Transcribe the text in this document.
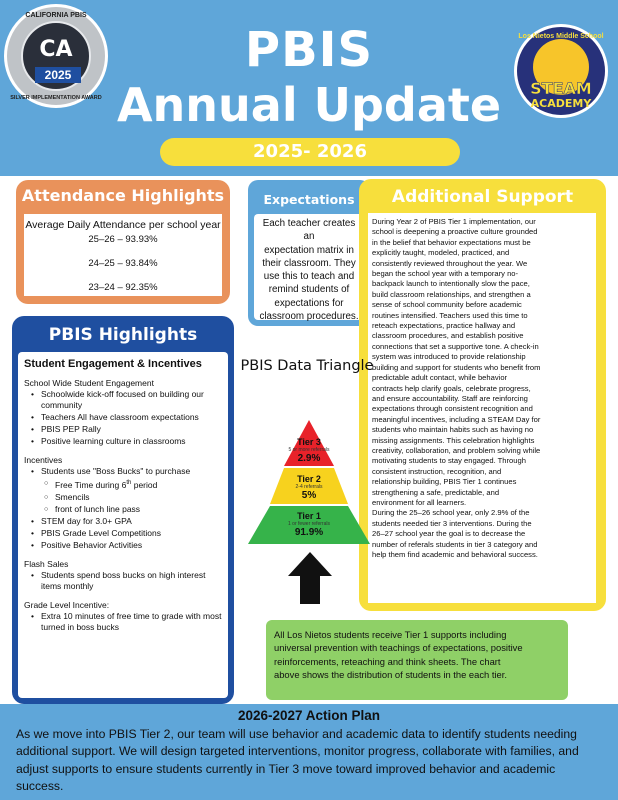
CALIFORNIA PBIS
CA
2025
SILVER IMPLEMENTATION AWARD
PBIS
Annual Update
2025- 2026
Los Nietos Middle School
STEAM
ACADEMY
Attendance Highlights

Average Daily Attendance per school year

25–26 – 93.93%

24–25 – 93.84%

23–24 – 92.35%

Expectations

Each teacher creates an

expectation matrix in

their classroom. They

use this to teach and

remind students of

expectations for

classroom procedures.

Additional Support

During Year 2 of PBIS Tier 1 implementation, our

school is deepening a proactive culture grounded

in the belief that behavior expectations must be

explicitly taught, modeled, practiced, and

consistently reviewed throughout the year. We

began the school year with a temporary no-

backpack launch to intentionally slow the pace,

build classroom relationships, and strengthen a

sense of school community before academic

routines intensified. Teachers used this time to

reteach expectations, practice hallway and

classroom procedures, and establish positive

connections that set a supportive tone. A check-in

system was introduced to provide relationship

building and support for students who benefit from

predictable adult contact, while behavior

contracts help clarify goals, celebrate progress,

and ensure accountability. Staff are reinforcing

expectations through consistent recognition and

meaningful incentives, including a STEAM Day for

students who maintain habits such as having no

missing assignments. This celebration highlights

creativity, collaboration, and problem solving while

motivating students to stay engaged. Through

consistent instruction, recognition, and

relationship building, PBIS Tier 1 continues

strengthening a safe, predictable, and

environment for all learners.

During the 25–26 school year, only 2.9% of the

students needed tier 3 interventions. During the

26–27 school year the goal is to decrease the

number of referals students in tier 3 category and

help them find academic and behavioral success.

PBIS Highlights
Student Engagement & Incentives
School Wide Student Engagement
• Schoolwide kick-off focused on building our community
• Teachers All have classroom expectations
• PBIS PEP Rally
• Positive learning culture in classrooms
Incentives
• Students use "Boss Bucks" to purchase
○ Free Time during 6th period
○ Smencils
○ front of lunch line pass
• STEM day for 3.0+ GPA
• PBIS Grade Level Competitions
• Positive Behavior Activities
Flash Sales
• Students spend boss bucks on high interest items monthly
Grade Level Incentive:
• Extra 10 minutes of free time to grade with most turned in boss bucks
PBIS Data Triangle
Tier 3
5 or more referrals
2.9%
Tier 2
2-4 referrals
5%
Tier 1
1 or fewer referrals
91.9%

All Los Nietos students receive Tier 1 supports including

universal prevention with teachings of expectations, positive

reinforcements, reteaching and think sheets. The chart

above shows the distribution of students in the each tier.

2026-2027 Action Plan
As we move into PBIS Tier 2, our team will use behavior and academic data to identify students needing additional support. We will design targeted interventions, monitor progress, collaborate with families, and adjust supports to ensure students currently in Tier 3 move toward improved behavior and academic success.
